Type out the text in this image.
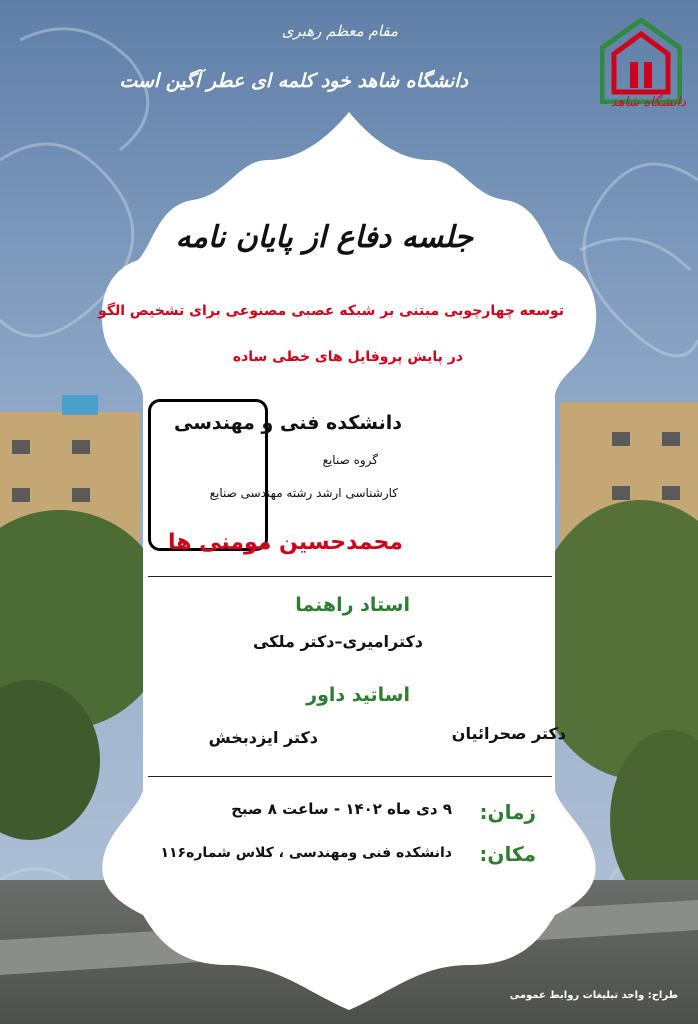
مقام معظم رهبری
دانشگاه شاهد خود کلمه ای عطر آگین است
دانشگاه شاهد
جلسه دفاع از پایان نامه
توسعه چهارچوبی مبتنی بر شبکه عصبی مصنوعی برای تشخیص الگو
در پایش پروفایل های خطی ساده
دانشکده فنی و مهندسی
گروه صنایع
کارشناسی ارشد رشته مهندسی صنایع
محمدحسین مومنی ها
استاد راهنما
دکترامیری–دکتر ملکی
اساتید داور
دکتر صحرائیان
دکتر ایزدبخش
زمان:
۹ دی ماه ۱۴۰۲ - ساعت ۸ صبح
مکان:
دانشکده فنی ومهندسی ، کلاس شماره۱۱۶
طراح: واحد تبلیغات روابط عمومی
